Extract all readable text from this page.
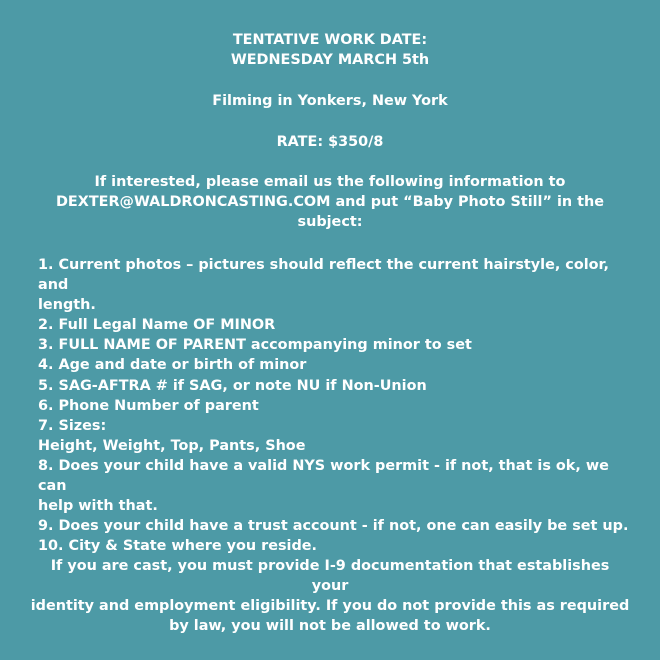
TENTATIVE WORK DATE:
WEDNESDAY MARCH 5th
Filming in Yonkers, New York
RATE: $350/8
If interested, please email us the following information to
DEXTER@WALDRONCASTING.COM and put “Baby Photo Still” in the
subject:
1. Current photos – pictures should reflect the current hairstyle, color, and
length.
2. Full Legal Name OF MINOR
3. FULL NAME OF PARENT accompanying minor to set
4. Age and date or birth of minor
5. SAG-AFTRA # if SAG, or note NU if Non-Union
6. Phone Number of parent
7. Sizes:
Height, Weight, Top, Pants, Shoe
8. Does your child have a valid NYS work permit - if not, that is ok, we can
help with that.
9. Does your child have a trust account - if not, one can easily be set up.
10. City & State where you reside.
If you are cast, you must provide I-9 documentation that establishes your
identity and employment eligibility. If you do not provide this as required
by law, you will not be allowed to work.
